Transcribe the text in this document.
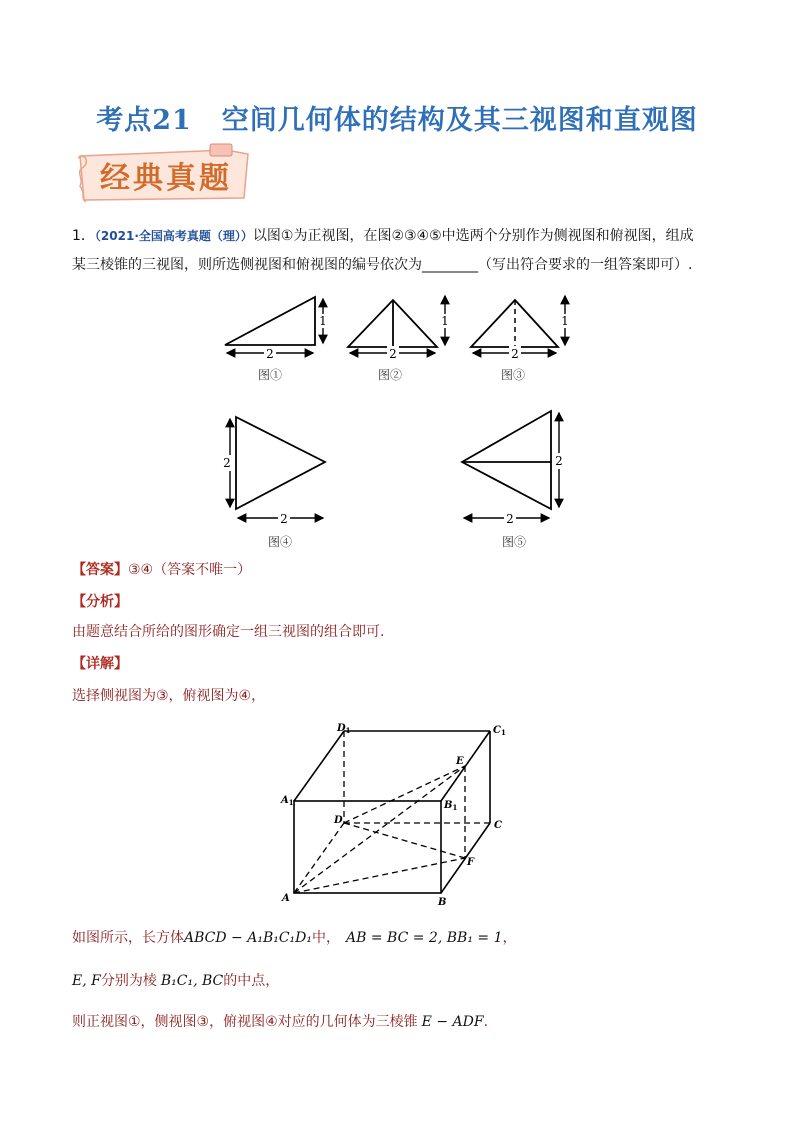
考点21 空间几何体的结构及其三视图和直观图
经典真题
1．（2021·全国高考真题（理））以图①为正视图，在图②③④⑤中选两个分别作为侧视图和俯视图，组成
某三棱锥的三视图，则所选侧视图和俯视图的编号依次为________（写出符合要求的一组答案即可）.
2
1
图①
2
1
图②
2
图③
1
2
2
图④
2
2
图⑤
【答案】③④（答案不唯一）
【分析】
由题意结合所给的图形确定一组三视图的组合即可.
【详解】
选择侧视图为③，俯视图为④，
A	B
C
D
$A_1$	$B_1$
$C_1$
$D_1$
E
F
如图所示，长方体ABCD − A₁B₁C₁D₁中， AB = BC = 2, BB₁ = 1，
E, F分别为棱 B₁C₁, BC的中点，
则正视图①，侧视图③，俯视图④对应的几何体为三棱锥 E − ADF.
